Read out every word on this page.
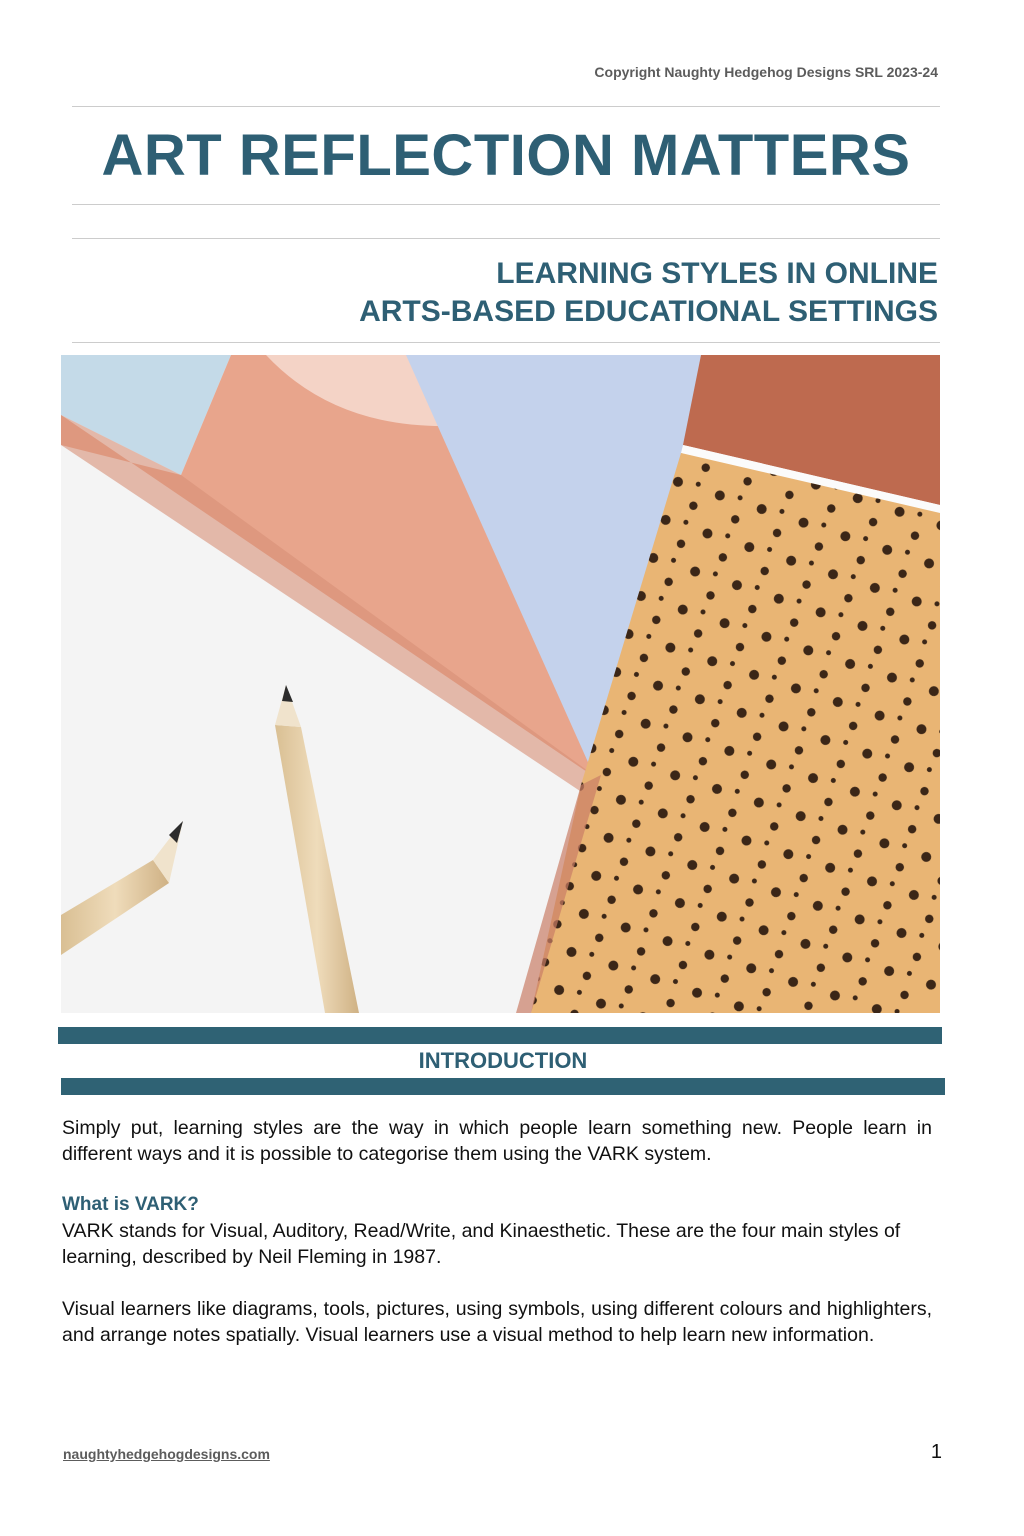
Copyright Naughty Hedgehog Designs SRL 2023-24
ART REFLECTION MATTERS
LEARNING STYLES IN ONLINE
ARTS-BASED EDUCATIONAL SETTINGS
INTRODUCTION

Simply put, learning styles are the way in which people learn something new. People learn in different ways and it is possible to categorise them using the VARK system.

What is VARK?

VARK stands for Visual, Auditory, Read/Write, and Kinaesthetic. These are the four main styles of learning, described by Neil Fleming in 1987.

Visual learners like diagrams, tools, pictures, using symbols, using different colours and highlighters, and arrange notes spatially. Visual learners use a visual method to help learn new information.

naughtyhedgehogdesigns.com	1
